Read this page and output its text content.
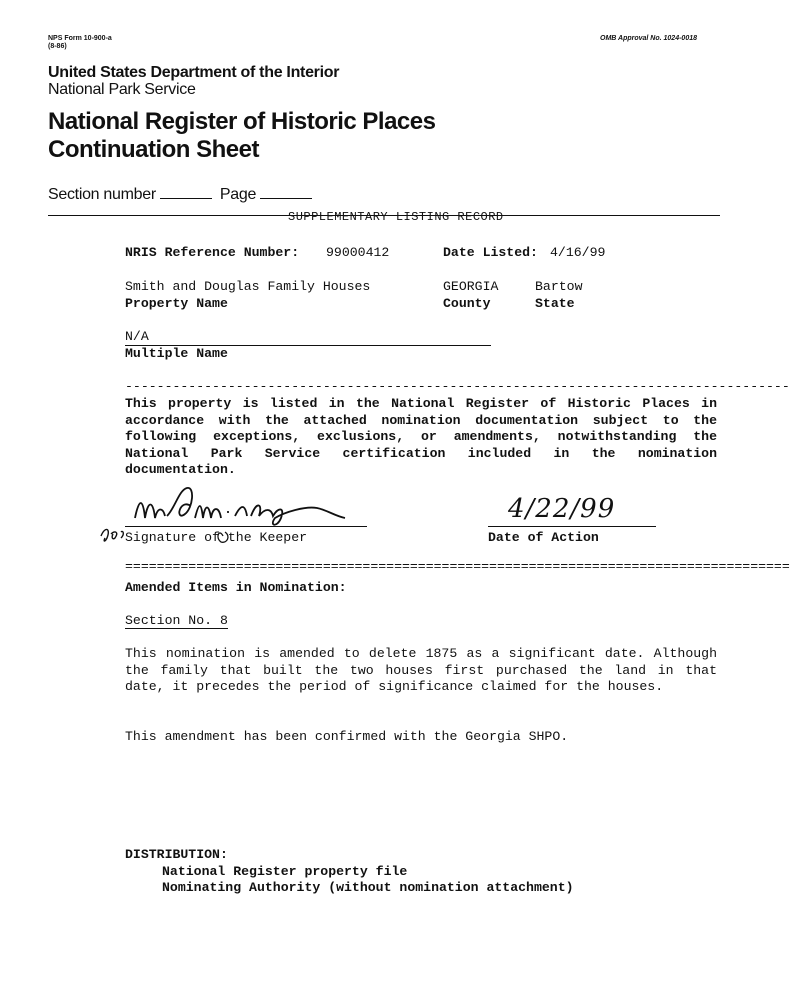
NPS Form 10-900-a
(8-86)
OMB Approval No. 1024-0018
United States Department of the Interior
National Park Service
National Register of Historic Places
Continuation Sheet
Section number	Page
SUPPLEMENTARY LISTING RECORD
NRIS Reference Number: 99000412	Date Listed: 4/16/99
Smith and Douglas Family Houses	GEORGIA	Bartow
Property Name	County	State
N/A
Multiple Name
------------------------------------------------------------------------------------
This property is listed in the National Register of Historic Places in accordance with the attached nomination documentation subject to the following exceptions, exclusions, or amendments, notwithstanding the National Park Service certification included in the nomination documentation.
Signature of the Keeper
4/22/99
Date of Action
====================================================================================
Amended Items in Nomination:
Section No. 8
This nomination is amended to delete 1875 as a significant date. Although the family that built the two houses first purchased the land in that date, it precedes the period of significance claimed for the houses.
This amendment has been confirmed with the Georgia SHPO.
DISTRIBUTION:
National Register property file
Nominating Authority (without nomination attachment)
